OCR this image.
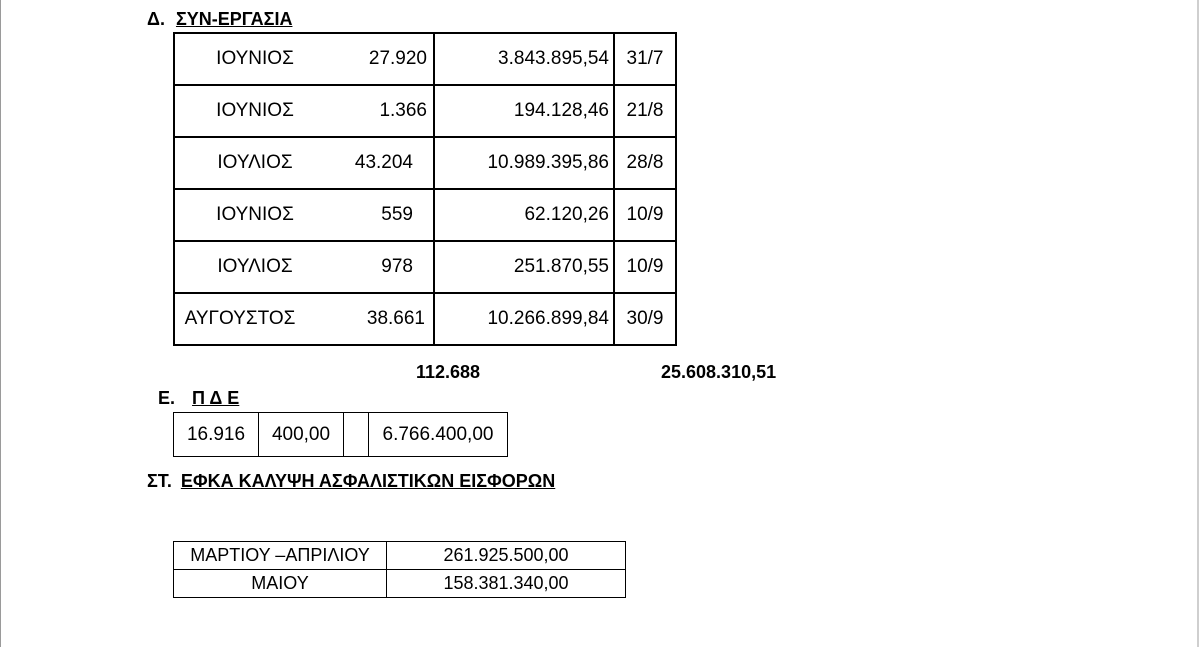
Δ. ΣΥΝ-ΕΡΓΑΣΙΑ
ΙΟΥΝΙΟΣ 27.920	3.843.895,54	31/7
ΙΟΥΝΙΟΣ 1.366	194.128,46	21/8
ΙΟΥΛΙΟΣ 43.204	10.989.395,86	28/8
ΙΟΥΝΙΟΣ 559	62.120,26	10/9
ΙΟΥΛΙΟΣ 978	251.870,55	10/9
ΑΥΓΟΥΣΤΟΣ 38.661	10.266.899,84	30/9
112.688	25.608.310,51
Ε. Π Δ Ε
16.916	400,00		6.766.400,00
ΣΤ. ΕΦΚΑ ΚΑΛΥΨΗ ΑΣΦΑΛΙΣΤΙΚΩΝ ΕΙΣΦΟΡΩΝ
ΜΑΡΤΙΟΥ –ΑΠΡΙΛΙΟΥ	261.925.500,00
ΜΑΙΟΥ	158.381.340,00
